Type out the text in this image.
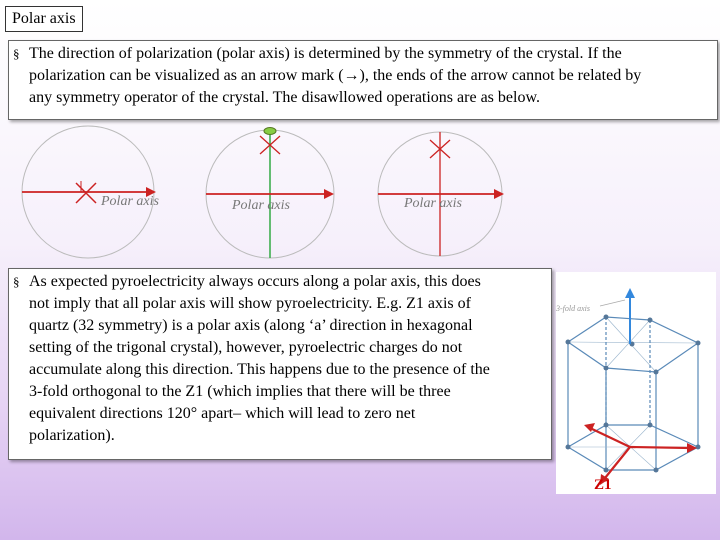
Polar axis
§ The direction of polarization (polar axis) is determined by the symmetry of the crystal. If the
polarization can be visualized as an arrow mark (→), the ends of the arrow cannot be related by
any symmetry operator of the crystal. The disawllowed operations are as below.
Polar axis	Polar axis	Polar axis
§ As expected pyroelectricity always occurs along a polar axis, this does
not imply that all polar axis will show pyroelectricity. E.g. Z1 axis of
quartz (32 symmetry) is a polar axis (along ‘a’ direction in hexagonal
setting of the trigonal crystal), however, pyroelectric charges do not
accumulate along this direction. This happens due to the presence of the
3-fold orthogonal to the Z1 (which implies that there will be three
equivalent directions 120° apart– which will lead to zero net
polarization).
3-fold axis
Z1
